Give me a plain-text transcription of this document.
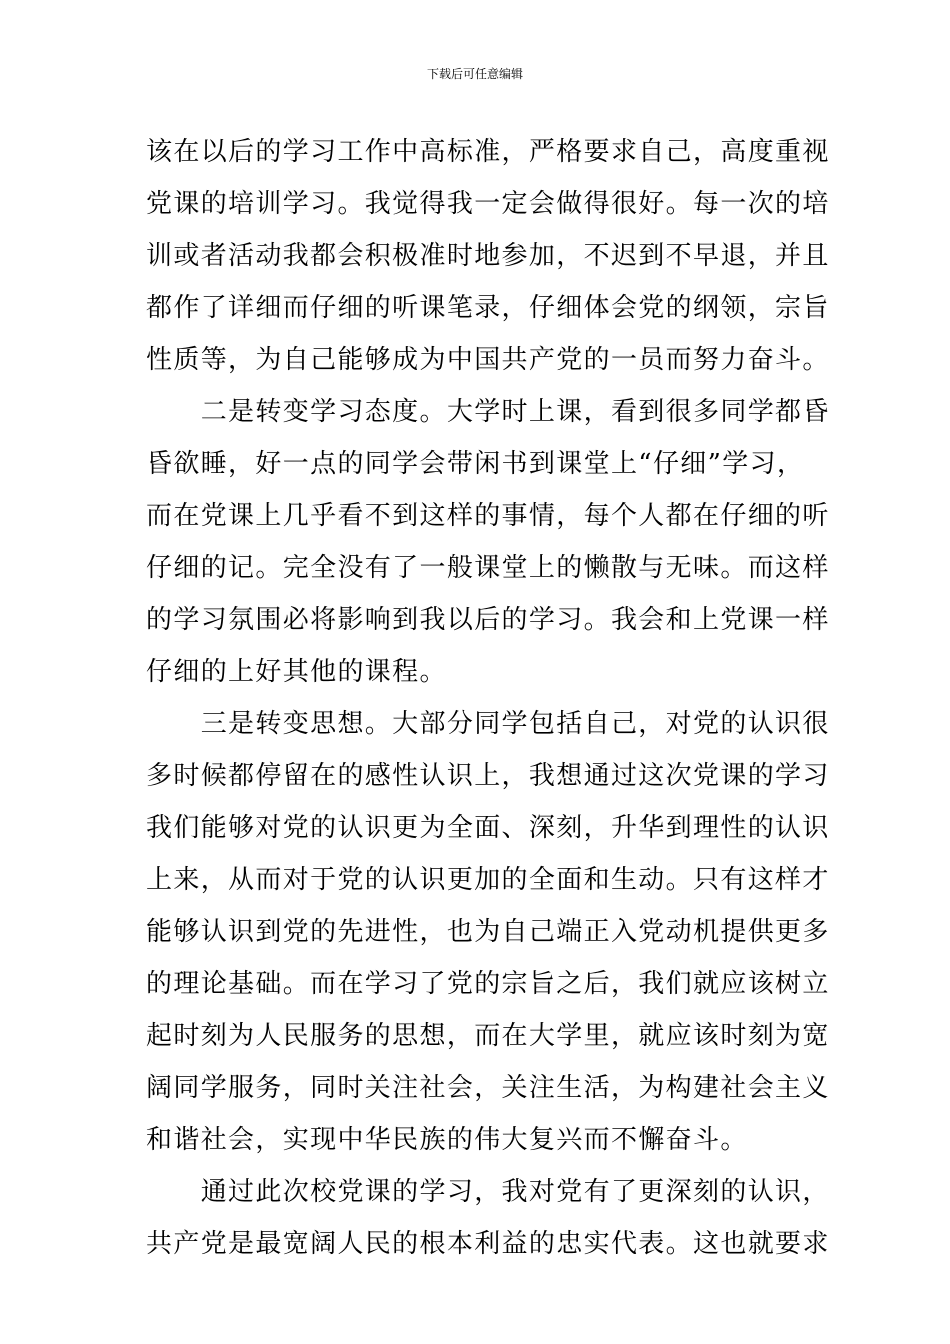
下载后可任意编辑
该在以后的学习工作中高标准，严格要求自己，高度重视
党课的培训学习。我觉得我一定会做得很好。每一次的培
训或者活动我都会积极准时地参加，不迟到不早退，并且
都作了详细而仔细的听课笔录，仔细体会党的纲领，宗旨
性质等，为自己能够成为中国共产党的一员而努力奋斗。
　　二是转变学习态度。大学时上课，看到很多同学都昏
昏欲睡，好一点的同学会带闲书到课堂上“仔细”学习，
而在党课上几乎看不到这样的事情，每个人都在仔细的听
仔细的记。完全没有了一般课堂上的懒散与无味。而这样
的学习氛围必将影响到我以后的学习。我会和上党课一样
仔细的上好其他的课程。
　　三是转变思想。大部分同学包括自己，对党的认识很
多时候都停留在的感性认识上，我想通过这次党课的学习
我们能够对党的认识更为全面、深刻，升华到理性的认识
上来，从而对于党的认识更加的全面和生动。只有这样才
能够认识到党的先进性，也为自己端正入党动机提供更多
的理论基础。而在学习了党的宗旨之后，我们就应该树立
起时刻为人民服务的思想，而在大学里，就应该时刻为宽
阔同学服务，同时关注社会，关注生活，为构建社会主义
和谐社会，实现中华民族的伟大复兴而不懈奋斗。
　　通过此次校党课的学习，我对党有了更深刻的认识，
共产党是最宽阔人民的根本利益的忠实代表。这也就要求
